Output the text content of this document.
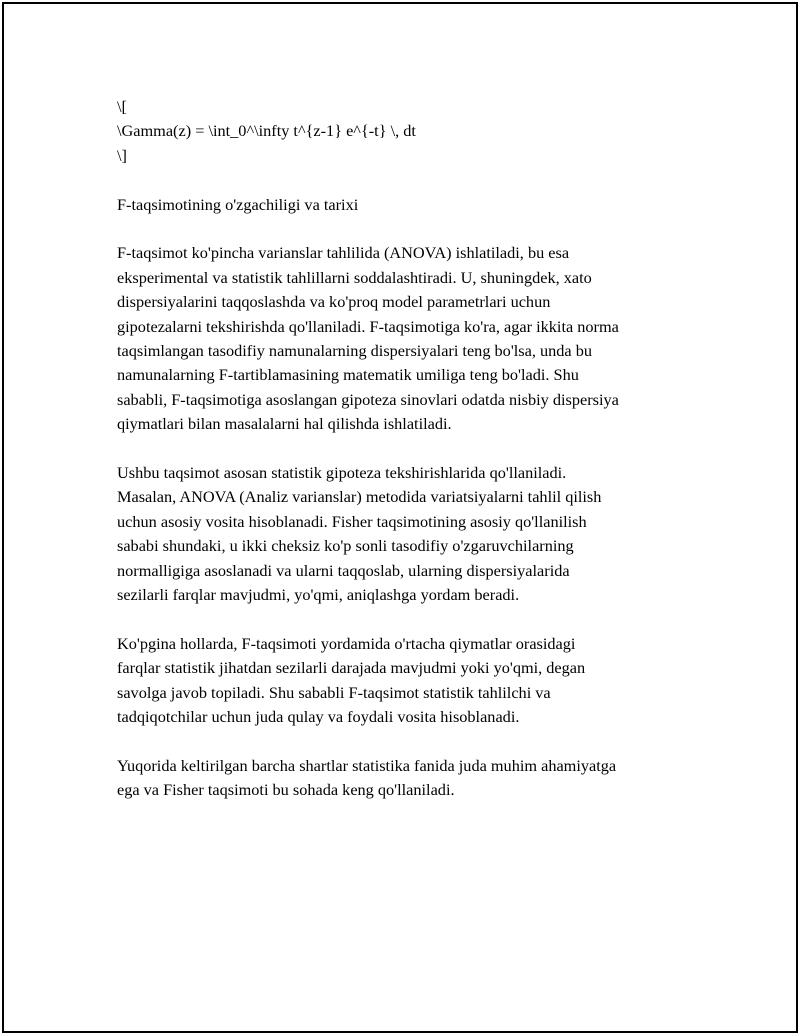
\[
\Gamma(z) = \int_0^\infty t^{z-1} e^{-t} \, dt
\]
F-taqsimotining o'zgachiligi va tarixi

F-taqsimot ko'pincha varianslar tahlilida (ANOVA) ishlatiladi, bu esa
eksperimental va statistik tahlillarni soddalashtiradi. U, shuningdek, xato
dispersiyalarini taqqoslashda va ko'proq model parametrlari uchun
gipotezalarni tekshirishda qo'llaniladi. F-taqsimotiga ko'ra, agar ikkita norma
taqsimlangan tasodifiy namunalarning dispersiyalari teng bo'lsa, unda bu
namunalarning F-tartiblamasining matematik umiliga teng bo'ladi. Shu
sababli, F-taqsimotiga asoslangan gipoteza sinovlari odatda nisbiy dispersiya
qiymatlari bilan masalalarni hal qilishda ishlatiladi.

Ushbu taqsimot asosan statistik gipoteza tekshirishlarida qo'llaniladi.
Masalan, ANOVA (Analiz varianslar) metodida variatsiyalarni tahlil qilish
uchun asosiy vosita hisoblanadi. Fisher taqsimotining asosiy qo'llanilish
sababi shundaki, u ikki cheksiz ko'p sonli tasodifiy o'zgaruvchilarning
normalligiga asoslanadi va ularni taqqoslab, ularning dispersiyalarida
sezilarli farqlar mavjudmi, yo'qmi, aniqlashga yordam beradi.

Ko'pgina hollarda, F-taqsimoti yordamida o'rtacha qiymatlar orasidagi
farqlar statistik jihatdan sezilarli darajada mavjudmi yoki yo'qmi, degan
savolga javob topiladi. Shu sababli F-taqsimot statistik tahlilchi va
tadqiqotchilar uchun juda qulay va foydali vosita hisoblanadi.

Yuqorida keltirilgan barcha shartlar statistika fanida juda muhim ahamiyatga
ega va Fisher taqsimoti bu sohada keng qo'llaniladi.
